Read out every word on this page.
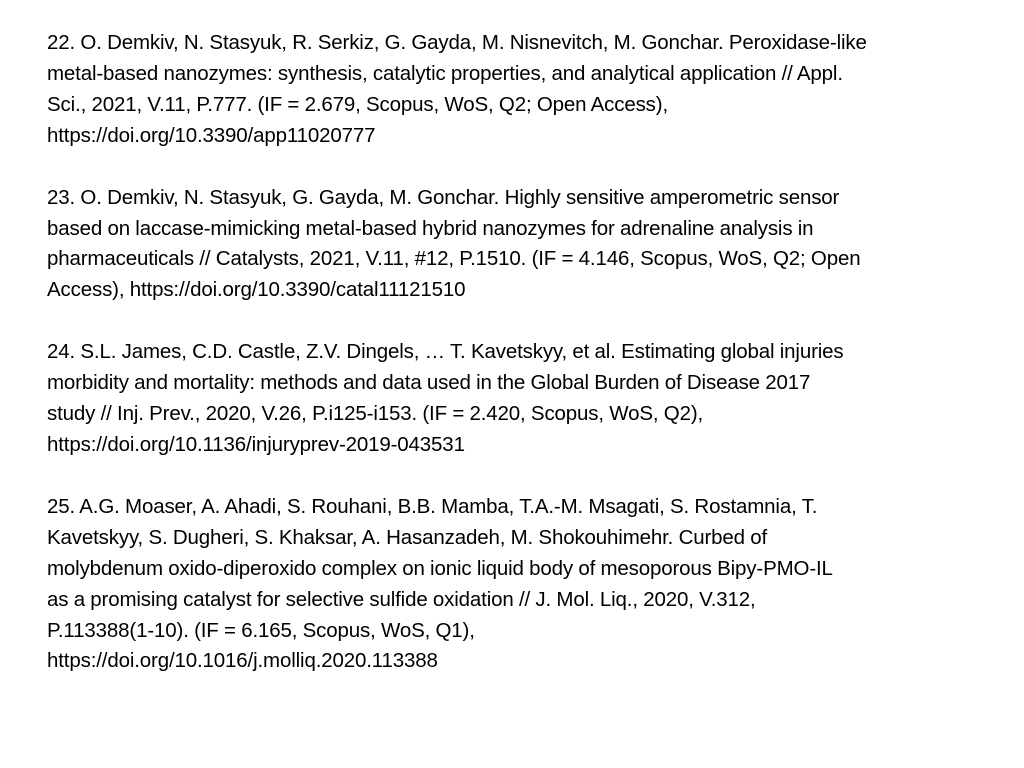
22. O. Demkiv, N. Stasyuk, R. Serkiz, G. Gayda, M. Nisnevitch, M. Gonchar. Peroxidase-like
metal-based nanozymes: synthesis, catalytic properties, and analytical application // Appl.
Sci., 2021, V.11, P.777. (IF = 2.679, Scopus, WoS, Q2; Open Access),
https://doi.org/10.3390/app11020777

23. O. Demkiv, N. Stasyuk, G. Gayda, M. Gonchar. Highly sensitive amperometric sensor
based on laccase-mimicking metal-based hybrid nanozymes for adrenaline analysis in
pharmaceuticals // Catalysts, 2021, V.11, #12, P.1510. (IF = 4.146, Scopus, WoS, Q2; Open
Access), https://doi.org/10.3390/catal11121510

24. S.L. James, C.D. Castle, Z.V. Dingels, … T. Kavetskyy, et al. Estimating global injuries
morbidity and mortality: methods and data used in the Global Burden of Disease 2017
study // Inj. Prev., 2020, V.26, P.i125-i153. (IF = 2.420, Scopus, WoS, Q2),
https://doi.org/10.1136/injuryprev-2019-043531

25. A.G. Moaser, A. Ahadi, S. Rouhani, B.B. Mamba, T.A.-M. Msagati, S. Rostamnia, T.
Kavetskyy, S. Dugheri, S. Khaksar, A. Hasanzadeh, M. Shokouhimehr. Curbed of
molybdenum oxido-diperoxido complex on ionic liquid body of mesoporous Bipy-PMO-IL
as a promising catalyst for selective sulfide oxidation // J. Mol. Liq., 2020, V.312,
P.113388(1-10). (IF = 6.165, Scopus, WoS, Q1),
https://doi.org/10.1016/j.molliq.2020.113388
